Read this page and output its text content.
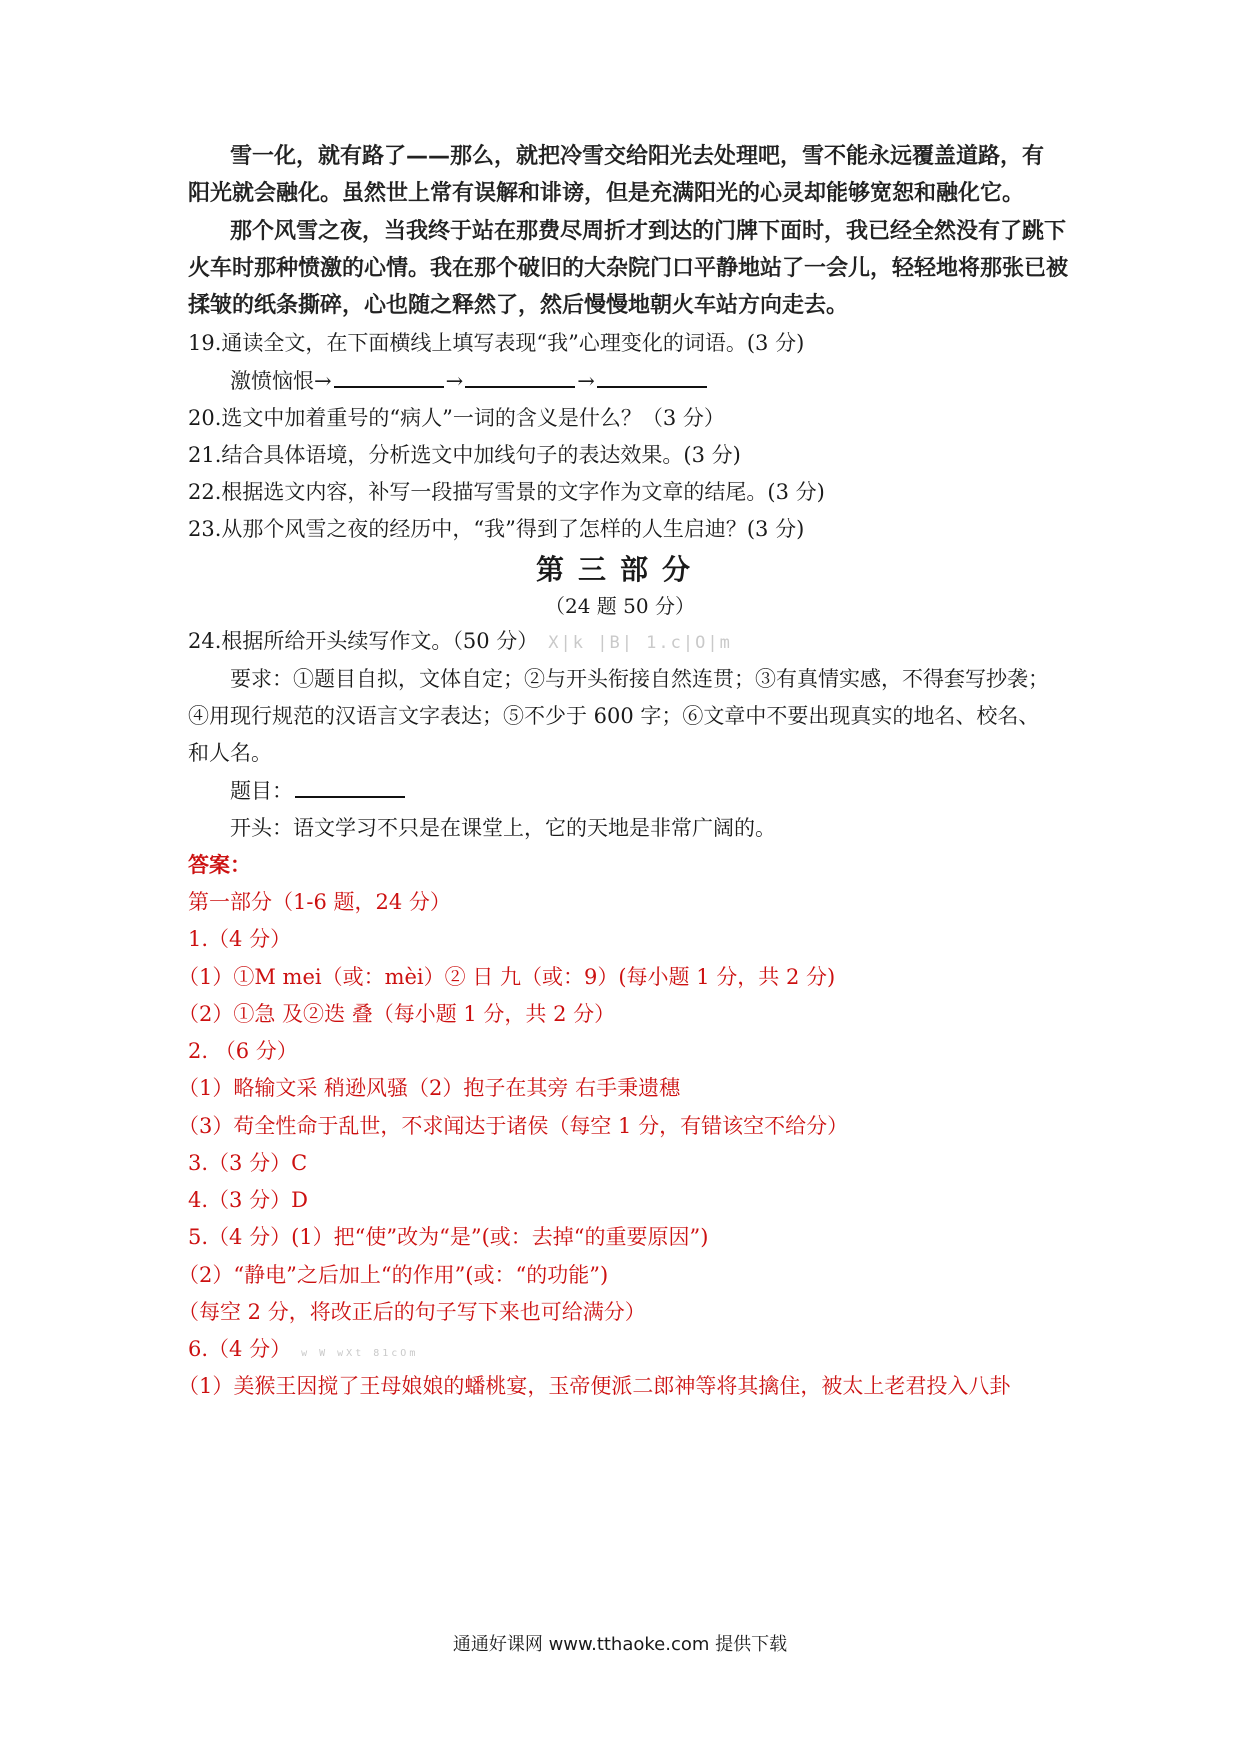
雪一化，就有路了——那么，就把冷雪交给阳光去处理吧，雪不能永远覆盖道路，有
阳光就会融化。虽然世上常有误解和诽谤，但是充满阳光的心灵却能够宽恕和融化它。
那个风雪之夜，当我终于站在那费尽周折才到达的门牌下面时，我已经全然没有了跳下
火车时那种愤激的心情。我在那个破旧的大杂院门口平静地站了一会儿，轻轻地将那张已被
揉皱的纸条撕碎，心也随之释然了，然后慢慢地朝火车站方向走去。
19.通读全文，在下面横线上填写表现“我”心理变化的词语。(3 分)
激愤恼恨→	→	→
20.选文中加着重号的“病人”一词的含义是什么？（3 分）
21.结合具体语境，分析选文中加线句子的表达效果。(3 分)
22.根据选文内容，补写一段描写雪景的文字作为文章的结尾。(3 分)
23.从那个风雪之夜的经历中，“我”得到了怎样的人生启迪？(3 分)
第三部分
（24 题 50 分）
24.根据所给开头续写作文。（50 分） X|k |B| 1.c|O|m
要求：①题目自拟，文体自定；②与开头衔接自然连贯；③有真情实感，不得套写抄袭；
④用现行规范的汉语言文字表达；⑤不少于 600 字；⑥文章中不要出现真实的地名、校名、
和人名。
题目：
开头：语文学习不只是在课堂上，它的天地是非常广阔的。
答案：
第一部分（1-6 题，24 分）
1.（4 分）
（1）①M mei（或：mèi）② 日 九（或：9）(每小题 1 分，共 2 分)
（2）①急 及②迭 叠（每小题 1 分，共 2 分）
2. （6 分）
（1）略输文采 稍逊风骚（2）抱子在其旁 右手秉遗穗
（3）苟全性命于乱世，不求闻达于诸侯（每空 1 分，有错该空不给分）
3.（3 分）C
4.（3 分）D
5.（4 分）(1）把“使”改为“是”(或：去掉“的重要原因”)
（2）“静电”之后加上“的作用”(或：“的功能”)
（每空 2 分，将改正后的句子写下来也可给满分）
6.（4 分） w W wXt 81cOm
（1）美猴王因搅了王母娘娘的蟠桃宴，玉帝便派二郎神等将其擒住，被太上老君投入八卦
通通好课网 www.tthaoke.com 提供下载
